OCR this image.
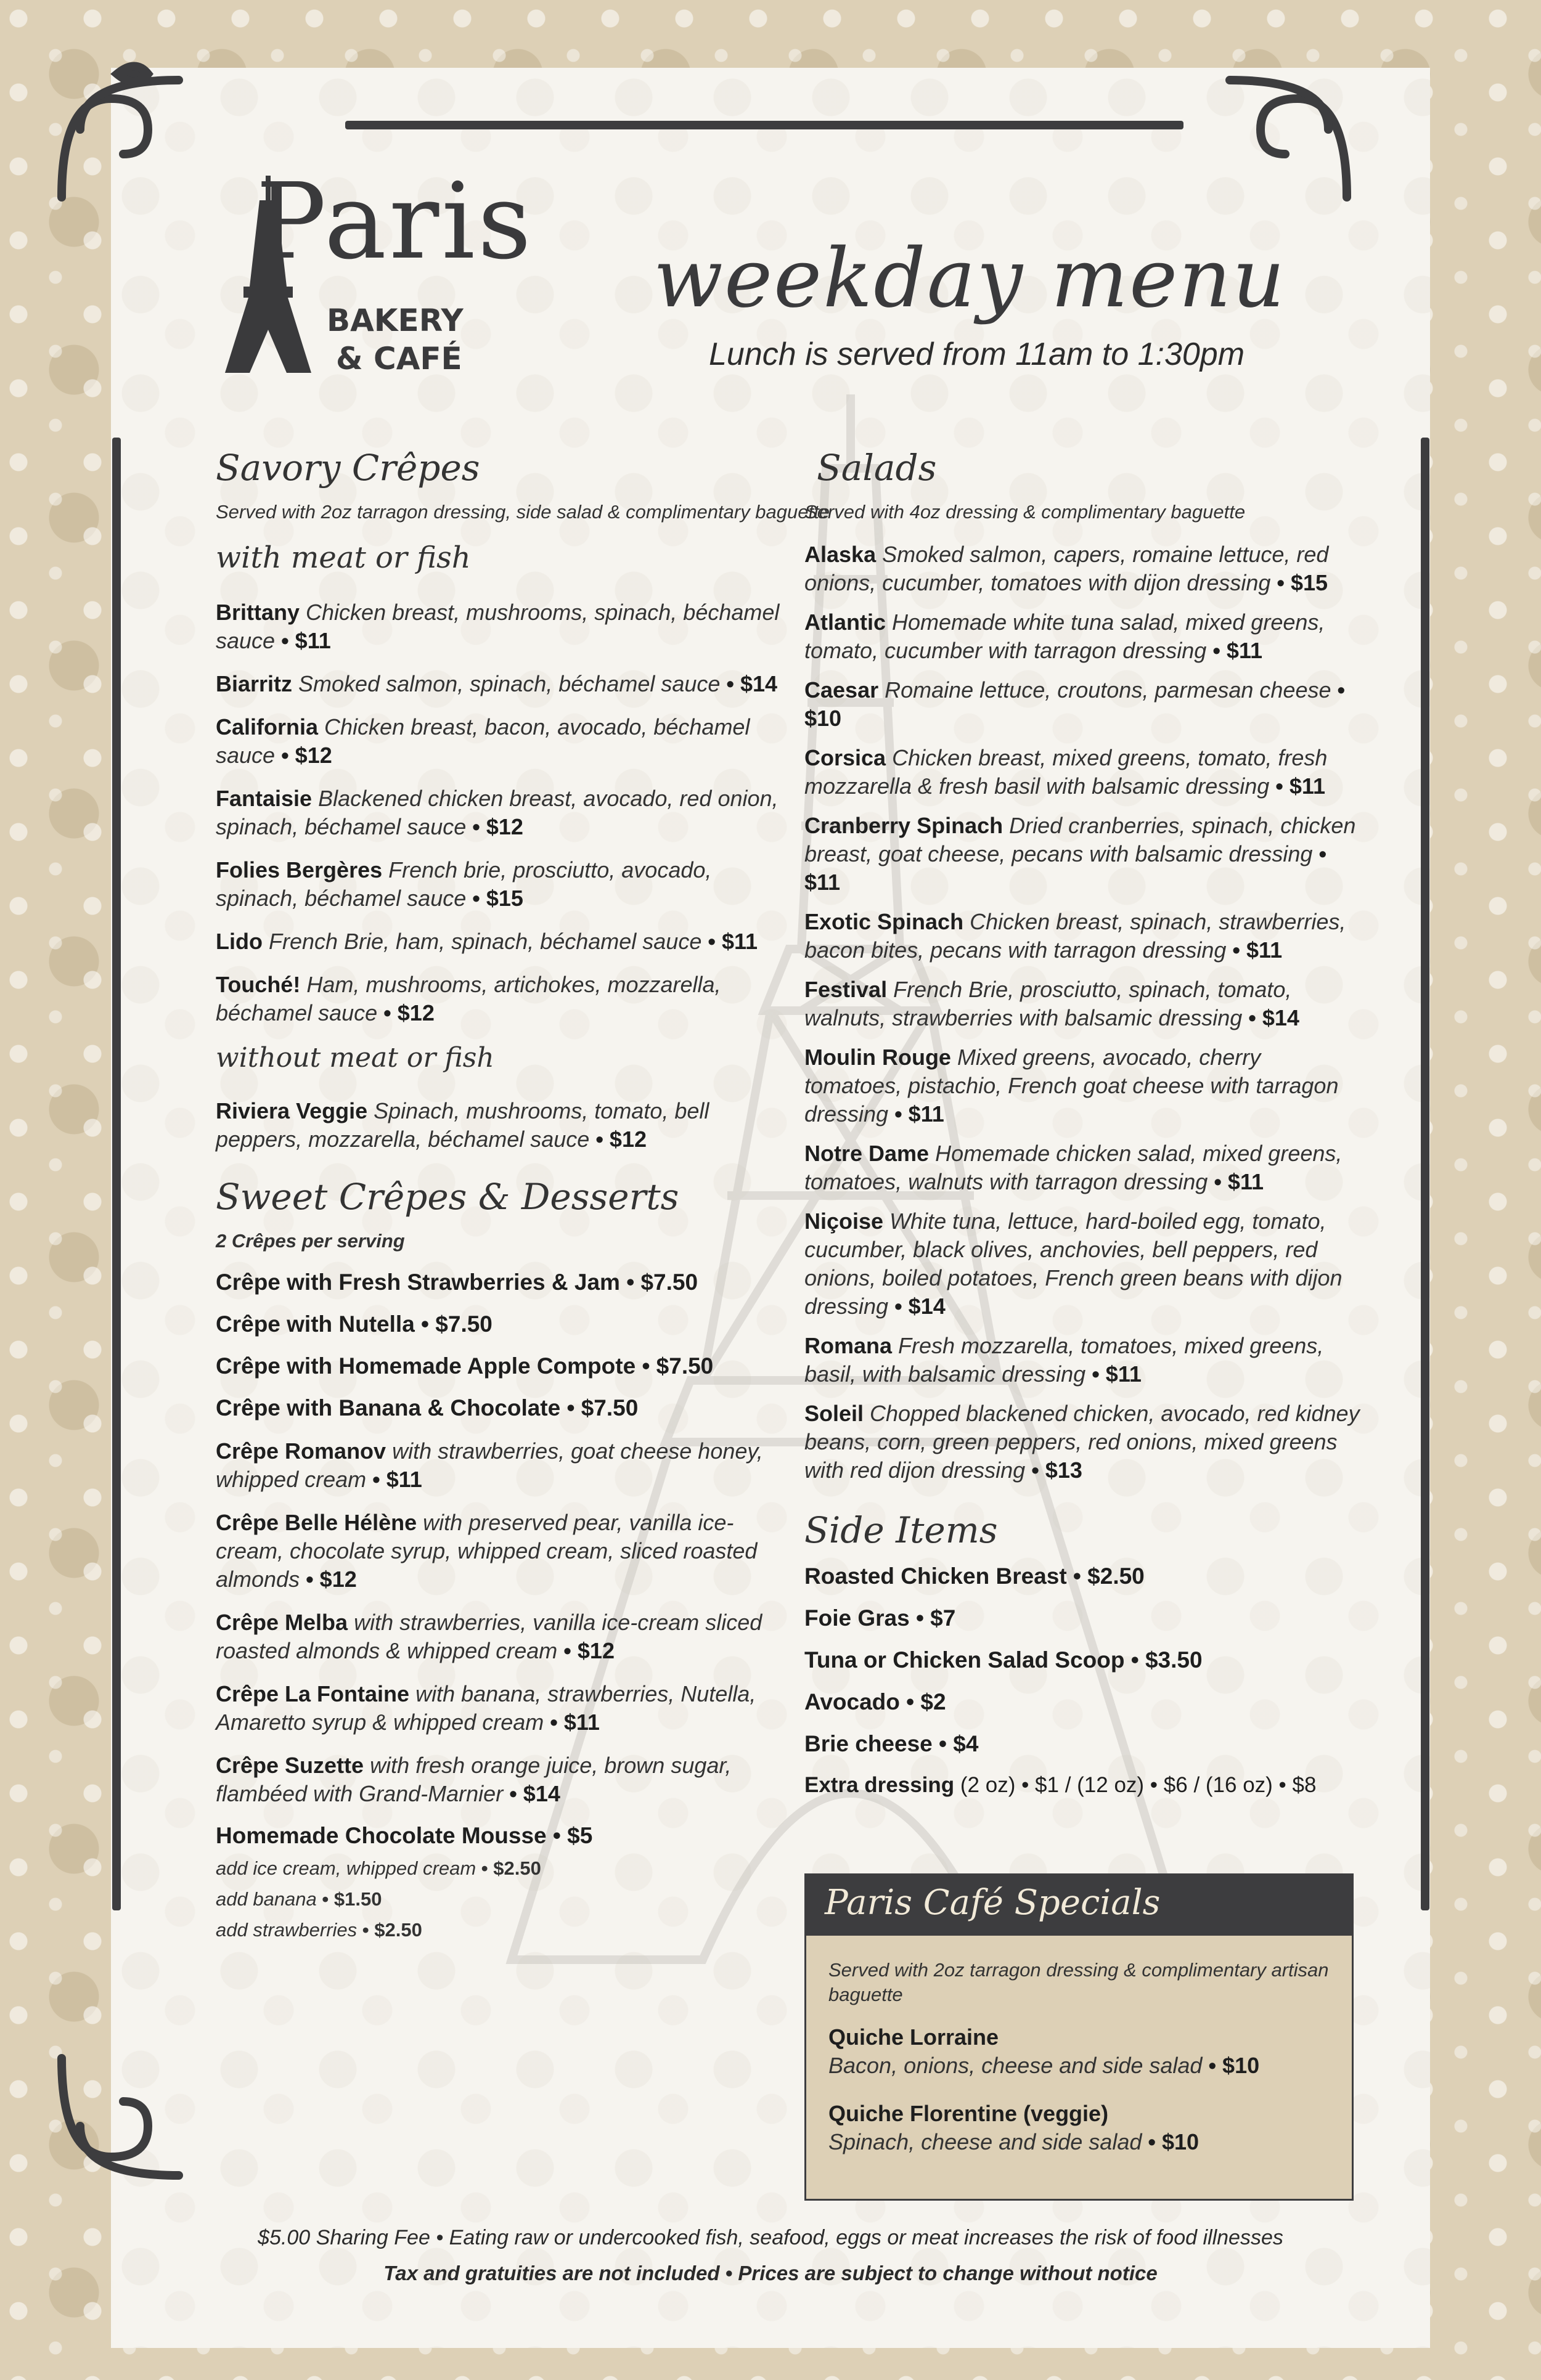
Paris
BAKERY
& CAFÉ
weekday menu
Lunch is served from 11am to 1:30pm
Savory Crêpes
Served with 2oz tarragon dressing, side salad & complimentary baguette
with meat or fish
Brittany Chicken breast, mushrooms, spinach, béchamel sauce • $11
Biarritz Smoked salmon, spinach, béchamel sauce • $14
California Chicken breast, bacon, avocado, béchamel sauce • $12
Fantaisie Blackened chicken breast, avocado, red onion, spinach, béchamel sauce • $12
Folies Bergères French brie, prosciutto, avocado, spinach, béchamel sauce • $15
Lido French Brie, ham, spinach, béchamel sauce • $11
Touché! Ham, mushrooms, artichokes, mozzarella, béchamel sauce • $12
without meat or fish
Riviera Veggie Spinach, mushrooms, tomato, bell peppers, mozzarella, béchamel sauce • $12
Sweet Crêpes & Desserts
2 Crêpes per serving
Crêpe with Fresh Strawberries & Jam • $7.50
Crêpe with Nutella • $7.50
Crêpe with Homemade Apple Compote • $7.50
Crêpe with Banana & Chocolate • $7.50
Crêpe Romanov with strawberries, goat cheese honey, whipped cream • $11
Crêpe Belle Hélène with preserved pear, vanilla ice-cream, chocolate syrup, whipped cream, sliced roasted almonds • $12
Crêpe Melba with strawberries, vanilla ice-cream sliced roasted almonds & whipped cream • $12
Crêpe La Fontaine with banana, strawberries, Nutella, Amaretto syrup & whipped cream • $11
Crêpe Suzette with fresh orange juice, brown sugar, flambéed with Grand-Marnier • $14
Homemade Chocolate Mousse • $5
add ice cream, whipped cream • $2.50
add banana • $1.50
add strawberries • $2.50
Salads
Served with 4oz dressing & complimentary baguette
Alaska Smoked salmon, capers, romaine lettuce, red onions, cucumber, tomatoes with dijon dressing • $15
Atlantic Homemade white tuna salad, mixed greens, tomato, cucumber with tarragon dressing • $11
Caesar Romaine lettuce, croutons, parmesan cheese • $10
Corsica Chicken breast, mixed greens, tomato, fresh mozzarella & fresh basil with balsamic dressing • $11
Cranberry Spinach Dried cranberries, spinach, chicken breast, goat cheese, pecans with balsamic dressing • $11
Exotic Spinach Chicken breast, spinach, strawberries, bacon bites, pecans with tarragon dressing • $11
Festival French Brie, prosciutto, spinach, tomato, walnuts, strawberries with balsamic dressing • $14
Moulin Rouge Mixed greens, avocado, cherry tomatoes, pistachio, French goat cheese with tarragon dressing • $11
Notre Dame Homemade chicken salad, mixed greens, tomatoes, walnuts with tarragon dressing • $11
Niçoise White tuna, lettuce, hard-boiled egg, tomato, cucumber, black olives, anchovies, bell peppers, red onions, boiled potatoes, French green beans with dijon dressing • $14
Romana Fresh mozzarella, tomatoes, mixed greens, basil, with balsamic dressing • $11
Soleil Chopped blackened chicken, avocado, red kidney beans, corn, green peppers, red onions, mixed greens with red dijon dressing • $13
Side Items
Roasted Chicken Breast • $2.50
Foie Gras • $7
Tuna or Chicken Salad Scoop • $3.50
Avocado • $2
Brie cheese • $4
Extra dressing (2 oz) • $1 / (12 oz) • $6 / (16 oz) • $8
Paris Café Specials
Served with 2oz tarragon dressing & complimentary artisan baguette
Quiche Lorraine
Bacon, onions, cheese and side salad • $10
Quiche Florentine (veggie)
Spinach, cheese and side salad • $10
$5.00 Sharing Fee • Eating raw or undercooked fish, seafood, eggs or meat increases the risk of food illnesses
Tax and gratuities are not included • Prices are subject to change without notice
